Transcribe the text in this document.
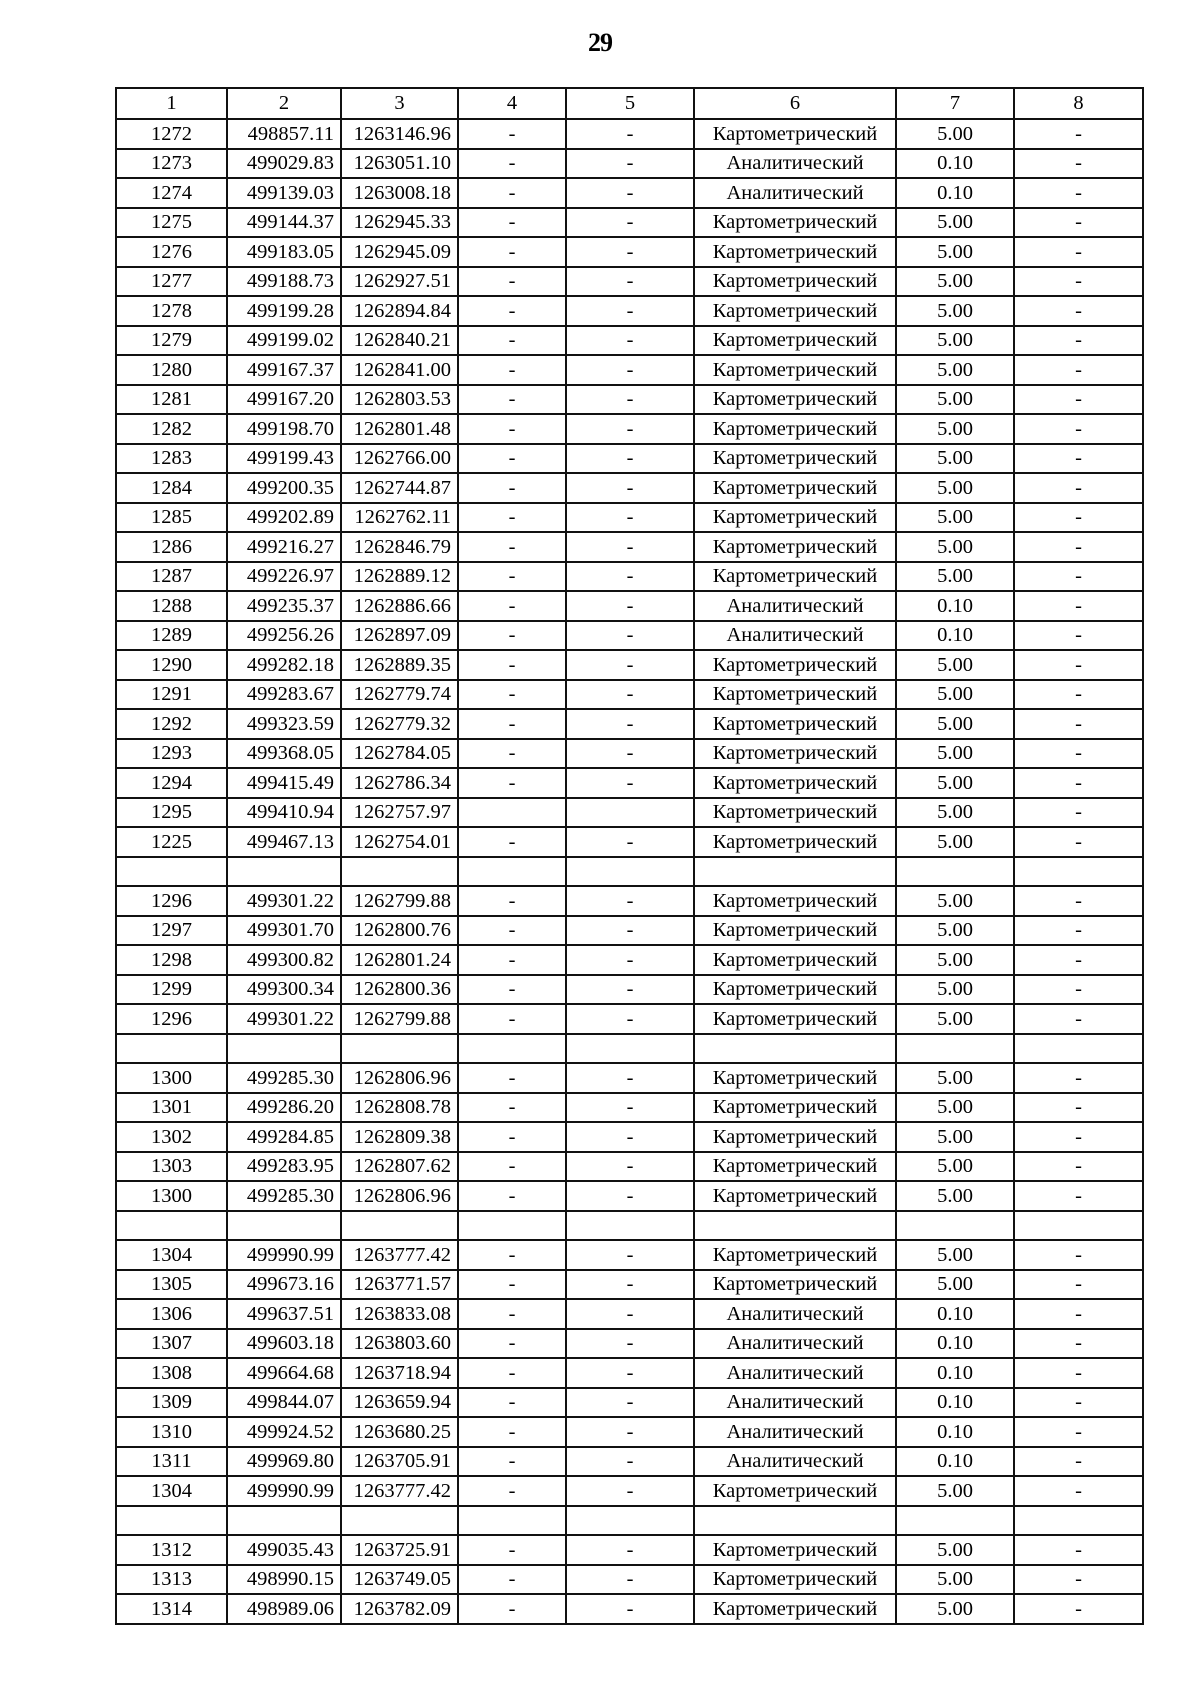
29
1	2	3	4	5	6	7	8
1272	498857.11	1263146.96	-	-	Картометрический	5.00	-
1273	499029.83	1263051.10	-	-	Аналитический	0.10	-
1274	499139.03	1263008.18	-	-	Аналитический	0.10	-
1275	499144.37	1262945.33	-	-	Картометрический	5.00	-
1276	499183.05	1262945.09	-	-	Картометрический	5.00	-
1277	499188.73	1262927.51	-	-	Картометрический	5.00	-
1278	499199.28	1262894.84	-	-	Картометрический	5.00	-
1279	499199.02	1262840.21	-	-	Картометрический	5.00	-
1280	499167.37	1262841.00	-	-	Картометрический	5.00	-
1281	499167.20	1262803.53	-	-	Картометрический	5.00	-
1282	499198.70	1262801.48	-	-	Картометрический	5.00	-
1283	499199.43	1262766.00	-	-	Картометрический	5.00	-
1284	499200.35	1262744.87	-	-	Картометрический	5.00	-
1285	499202.89	1262762.11	-	-	Картометрический	5.00	-
1286	499216.27	1262846.79	-	-	Картометрический	5.00	-
1287	499226.97	1262889.12	-	-	Картометрический	5.00	-
1288	499235.37	1262886.66	-	-	Аналитический	0.10	-
1289	499256.26	1262897.09	-	-	Аналитический	0.10	-
1290	499282.18	1262889.35	-	-	Картометрический	5.00	-
1291	499283.67	1262779.74	-	-	Картометрический	5.00	-
1292	499323.59	1262779.32	-	-	Картометрический	5.00	-
1293	499368.05	1262784.05	-	-	Картометрический	5.00	-
1294	499415.49	1262786.34	-	-	Картометрический	5.00	-
1295	499410.94	1262757.97			Картометрический	5.00	-
1225	499467.13	1262754.01	-	-	Картометрический	5.00	-

1296	499301.22	1262799.88	-	-	Картометрический	5.00	-
1297	499301.70	1262800.76	-	-	Картометрический	5.00	-
1298	499300.82	1262801.24	-	-	Картометрический	5.00	-
1299	499300.34	1262800.36	-	-	Картометрический	5.00	-
1296	499301.22	1262799.88	-	-	Картометрический	5.00	-

1300	499285.30	1262806.96	-	-	Картометрический	5.00	-
1301	499286.20	1262808.78	-	-	Картометрический	5.00	-
1302	499284.85	1262809.38	-	-	Картометрический	5.00	-
1303	499283.95	1262807.62	-	-	Картометрический	5.00	-
1300	499285.30	1262806.96	-	-	Картометрический	5.00	-

1304	499990.99	1263777.42	-	-	Картометрический	5.00	-
1305	499673.16	1263771.57	-	-	Картометрический	5.00	-
1306	499637.51	1263833.08	-	-	Аналитический	0.10	-
1307	499603.18	1263803.60	-	-	Аналитический	0.10	-
1308	499664.68	1263718.94	-	-	Аналитический	0.10	-
1309	499844.07	1263659.94	-	-	Аналитический	0.10	-
1310	499924.52	1263680.25	-	-	Аналитический	0.10	-
1311	499969.80	1263705.91	-	-	Аналитический	0.10	-
1304	499990.99	1263777.42	-	-	Картометрический	5.00	-

1312	499035.43	1263725.91	-	-	Картометрический	5.00	-
1313	498990.15	1263749.05	-	-	Картометрический	5.00	-
1314	498989.06	1263782.09	-	-	Картометрический	5.00	-
